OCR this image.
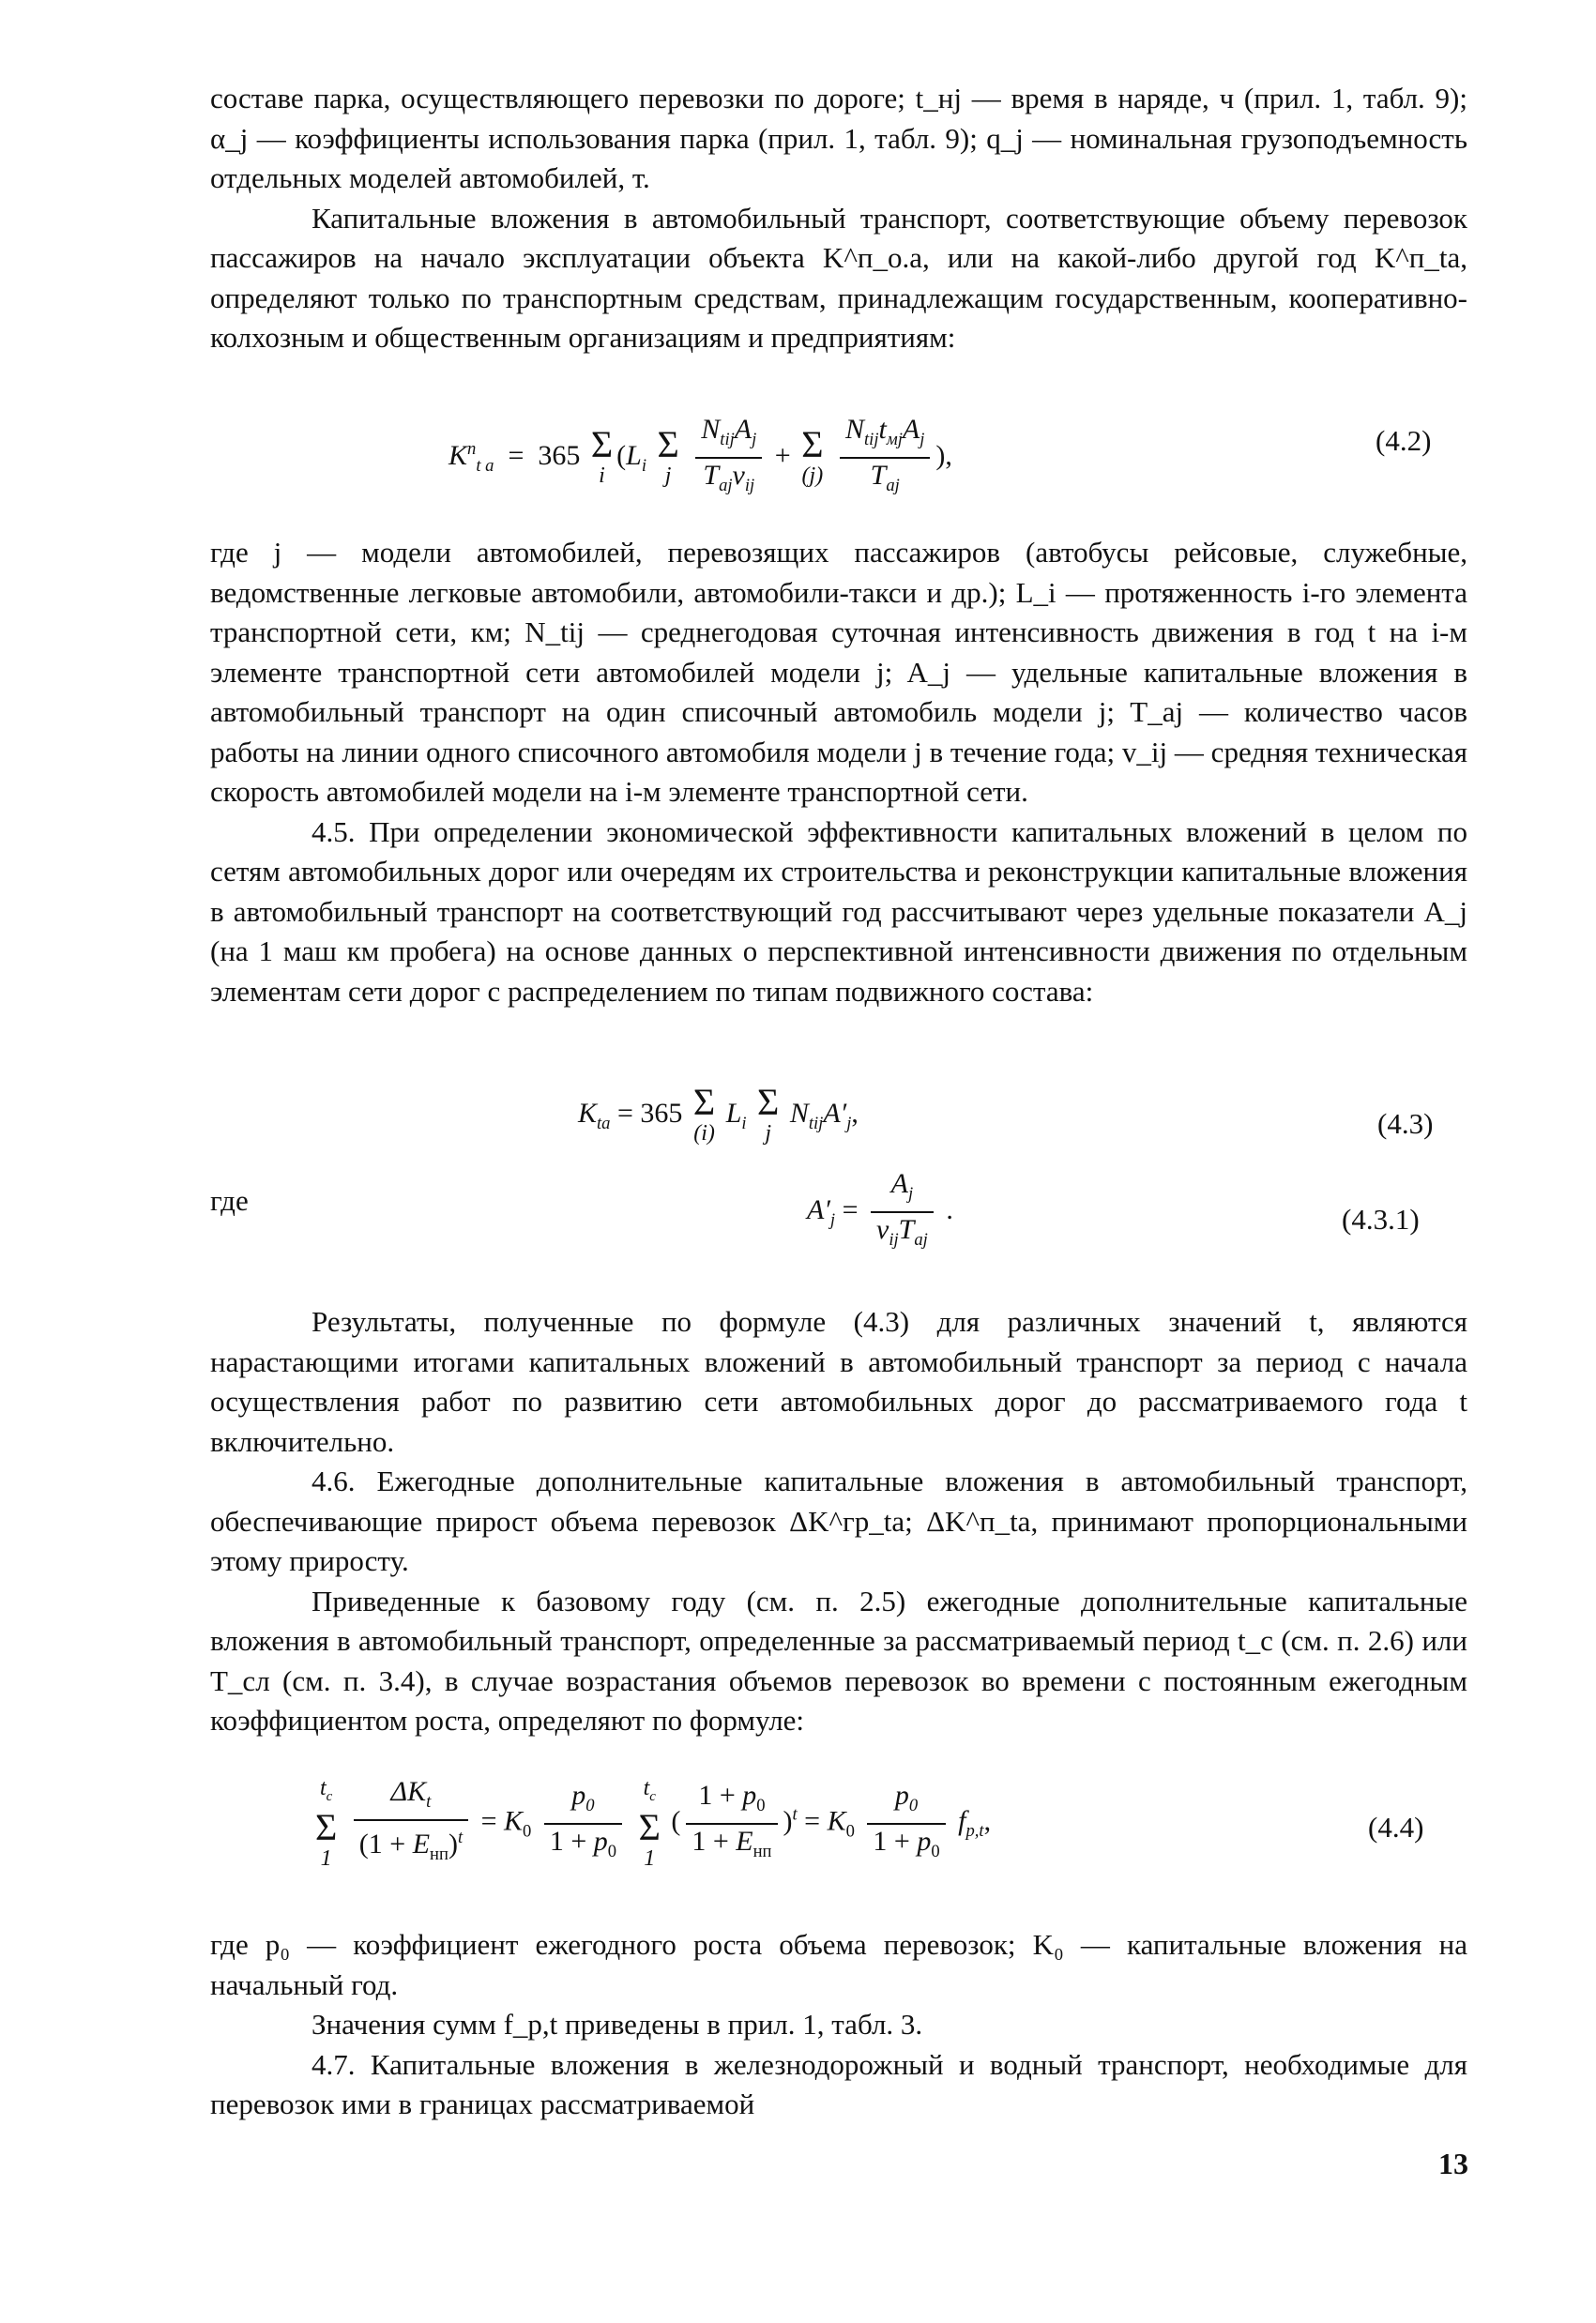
составе парка, осуществляющего перевозки по дороге; t_нj — время в наряде, ч (прил. 1, табл. 9); α_j — коэффициенты использования парка (прил. 1, табл. 9); q_j — номинальная грузоподъемность отдельных моделей автомобилей, т.

Капитальные вложения в автомобильный транспорт, соответствующие объему перевозок пассажиров на начало эксплуатации объекта K^п_о.а, или на какой-либо другой год K^п_ta, определяют только по транспортным средствам, принадлежащим государственным, кооперативно-колхозным и общественным организациям и предприятиям:

$K^п_{t а} = 365$ Σ
i
($L_i$
Σ
j
$\frac{N_{tij}A_j}{T_{aj}v_{ij}} + \Sigma$
(j)
$\frac{N_{tij}t_{мj}A_j}{T_{aj}}$ ),	(4.2)

где j — модели автомобилей, перевозящих пассажиров (автобусы рейсовые, служебные, ведомственные легковые автомобили, автомобили-такси и др.); L_i — протяженность i-го элемента транспортной сети, км; N_tij — среднегодовая суточная интенсивность движения в год t на i-м элементе транспортной сети автомобилей модели j; A_j — удельные капитальные вложения в автомобильный транспорт на один списочный автомобиль модели j; T_aj — количество часов работы на линии одного списочного автомобиля модели j в течение года; v_ij — средняя техническая скорость автомобилей модели на i-м элементе транспортной сети.

4.5. При определении экономической эффективности капитальных вложений в целом по сетям автомобильных дорог или очередям их строительства и реконструкции капитальные вложения в автомобильный транспорт на соответствующий год рассчитывают через удельные показатели A_j (на 1 маш км пробега) на основе данных о перспективной интенсивности движения по отдельным элементам сети дорог с распределением по типам подвижного состава:

$K_{ta} = 365$ Σ
(i)
$L_i$
Σ
j
$N_{tij}A'_j$,	(4.3)
где	$A'_j = \frac{A_j}{v_{ij}T_{aj}}$ .	(4.3.1)

Результаты, полученные по формуле (4.3) для различных значений t, являются нарастающими итогами капитальных вложений в автомобильный транспорт за период с начала осуществления работ по развитию сети автомобильных дорог до рассматриваемого года t включительно.

4.6. Ежегодные дополнительные капитальные вложения в автомобильный транспорт, обеспечивающие прирост объема перевозок ΔK^гр_ta; ΔK^п_ta, принимают пропорциональными этому приросту.

Приведенные к базовому году (см. п. 2.5) ежегодные дополнительные капитальные вложения в автомобильный транспорт, определенные за рассматриваемый период t_с (см. п. 2.6) или T_сл (см. п. 3.4), в случае возрастания объемов перевозок во времени с постоянным ежегодным коэффициентом роста, определяют по формуле:

$t_c$
Σ
1
$\frac{\Delta K_t}{(1 + E_{нп})^t} = K_0 \frac{p_0}{1 + p_0}$
$t_c$
Σ
1
( $\frac{1 + p_0}{1 + E_{нп}} )^t = K_0 \frac{p_0}{1 + p_0} f_{p,t}$,	(4.4)

где p₀ — коэффициент ежегодного роста объема перевозок; K₀ — капитальные вложения на начальный год.

Значения сумм f_p,t приведены в прил. 1, табл. 3.

4.7. Капитальные вложения в железнодорожный и водный транспорт, необходимые для перевозок ими в границах рассматриваемой

13
